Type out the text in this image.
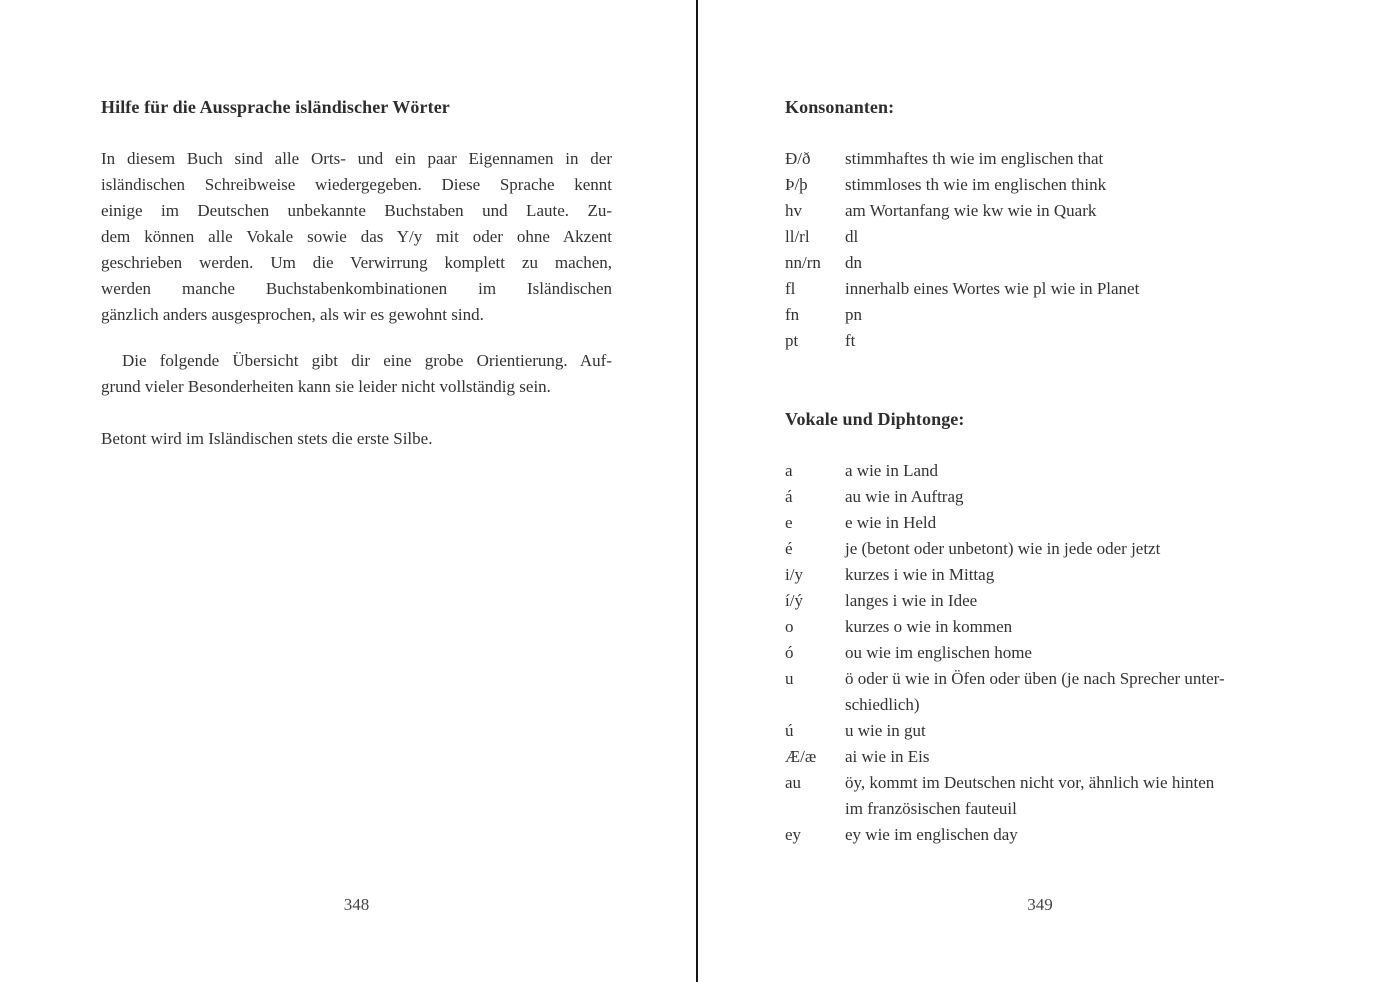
Hilfe für die Aussprache isländischer Wörter
In diesem Buch sind alle Orts- und ein paar Eigennamen in der
isländischen Schreibweise wiedergegeben. Diese Sprache kennt
einige im Deutschen unbekannte Buchstaben und Laute. Zu-
dem können alle Vokale sowie das Y/y mit oder ohne Akzent
geschrieben werden. Um die Verwirrung komplett zu machen,
werden manche Buchstabenkombinationen im Isländischen
gänzlich anders ausgesprochen, als wir es gewohnt sind.
Die folgende Übersicht gibt dir eine grobe Orientierung. Auf-
grund vieler Besonderheiten kann sie leider nicht vollständig sein.
Betont wird im Isländischen stets die erste Silbe.
Konsonanten:
Ð/ð	stimmhaftes th wie im englischen that
Þ/þ	stimmloses th wie im englischen think
hv	am Wortanfang wie kw wie in Quark
ll/rl	dl
nn/rn	dn
fl	innerhalb eines Wortes wie pl wie in Planet
fn	pn
pt	ft
Vokale und Diphtonge:
a	a wie in Land
á	au wie in Auftrag
e	e wie in Held
é	je (betont oder unbetont) wie in jede oder jetzt
i/y	kurzes i wie in Mittag
í/ý	langes i wie in Idee
o	kurzes o wie in kommen
ó	ou wie im englischen home
u	ö oder ü wie in Öfen oder üben (je nach Sprecher unter-
schiedlich)
ú	u wie in gut
Æ/æ	ai wie in Eis
au	öy, kommt im Deutschen nicht vor, ähnlich wie hinten
im französischen fauteuil
ey	ey wie im englischen day
348	349
